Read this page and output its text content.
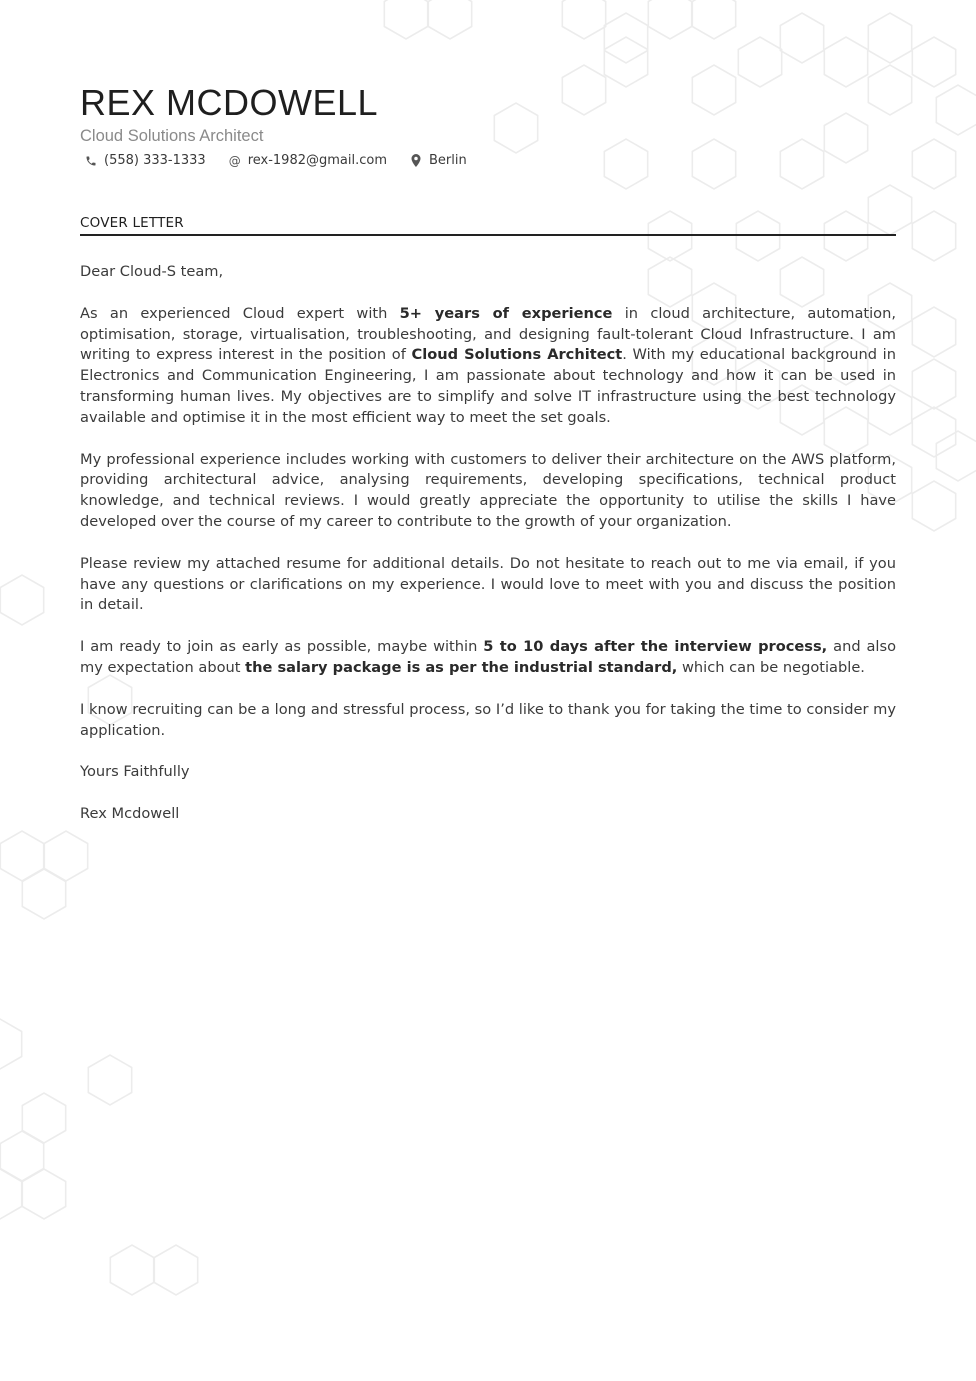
REX MCDOWELL
Cloud Solutions Architect
(558) 333-1333 @ rex-1982@gmail.com	Berlin
COVER LETTER

Dear Cloud-S team,

As an experienced Cloud expert with 5+ years of experience in cloud architecture, automation, optimisation, storage, virtualisation, troubleshooting, and designing fault-tolerant Cloud Infrastructure. I am writing to express interest in the position of Cloud Solutions Architect. With my educational background in Electronics and Communication Engineering, I am passionate about technology and how it can be used in transforming human lives. My objectives are to simplify and solve IT infrastructure using the best technology available and optimise it in the most efficient way to meet the set goals.

My professional experience includes working with customers to deliver their architecture on the AWS platform, providing architectural advice, analysing requirements, developing specifications, technical product knowledge, and technical reviews. I would greatly appreciate the opportunity to utilise the skills I have developed over the course of my career to contribute to the growth of your organization.

Please review my attached resume for additional details. Do not hesitate to reach out to me via email, if you have any questions or clarifications on my experience. I would love to meet with you and discuss the position in detail.

I am ready to join as early as possible, maybe within 5 to 10 days after the interview process, and also my expectation about the salary package is as per the industrial standard, which can be negotiable.

I know recruiting can be a long and stressful process, so I’d like to thank you for taking the time to consider my application.

Yours Faithfully

Rex Mcdowell
